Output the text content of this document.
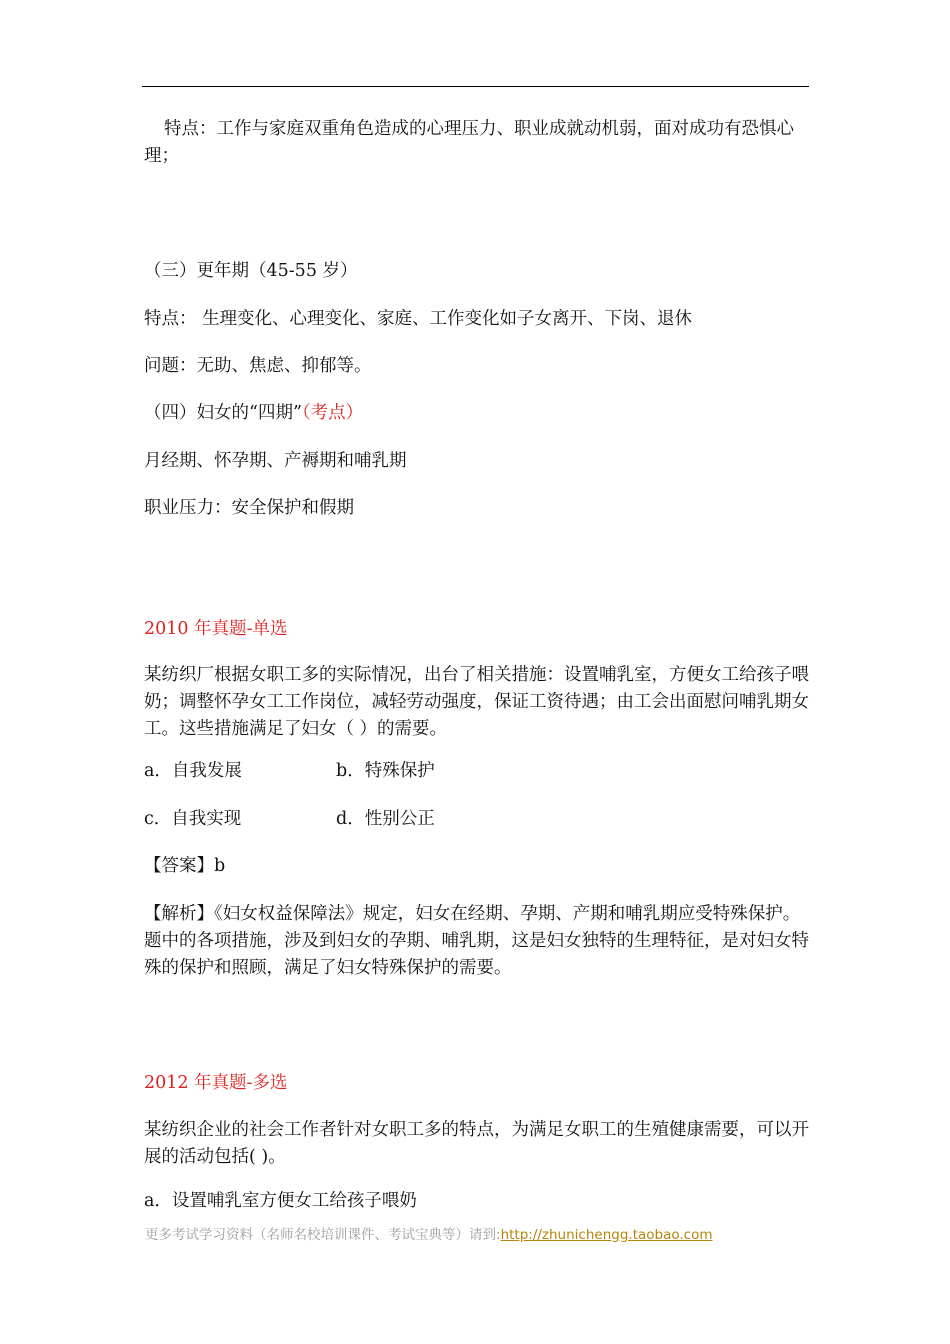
特点：工作与家庭双重角色造成的心理压力、职业成就动机弱，面对成功有恐惧心理；

（三）更年期（45-55 岁）

特点： 生理变化、心理变化、家庭、工作变化如子女离开、下岗、退休

问题：无助、焦虑、抑郁等。

（四）妇女的“四期”（考点）

月经期、怀孕期、产褥期和哺乳期

职业压力：安全保护和假期

2010 年真题-单选

某纺织厂根据女职工多的实际情况，出台了相关措施：设置哺乳室，方便女工给孩子喂奶；调整怀孕女工工作岗位，减轻劳动强度，保证工资待遇；由工会出面慰问哺乳期女工。这些措施满足了妇女（ ）的需要。

a．自我发展	b．特殊保护
c．自我实现	d．性别公正

【答案】b

【解析】《妇女权益保障法》规定，妇女在经期、孕期、产期和哺乳期应受特殊保护。题中的各项措施，涉及到妇女的孕期、哺乳期，这是妇女独特的生理特征，是对妇女特殊的保护和照顾，满足了妇女特殊保护的需要。

2012 年真题-多选

某纺织企业的社会工作者针对女职工多的特点，为满足女职工的生殖健康需要，可以开展的活动包括( )。

a．设置哺乳室方便女工给孩子喂奶

更多考试学习资料（名师名校培训课件、考试宝典等）请到:http://zhunichengg.taobao.com
